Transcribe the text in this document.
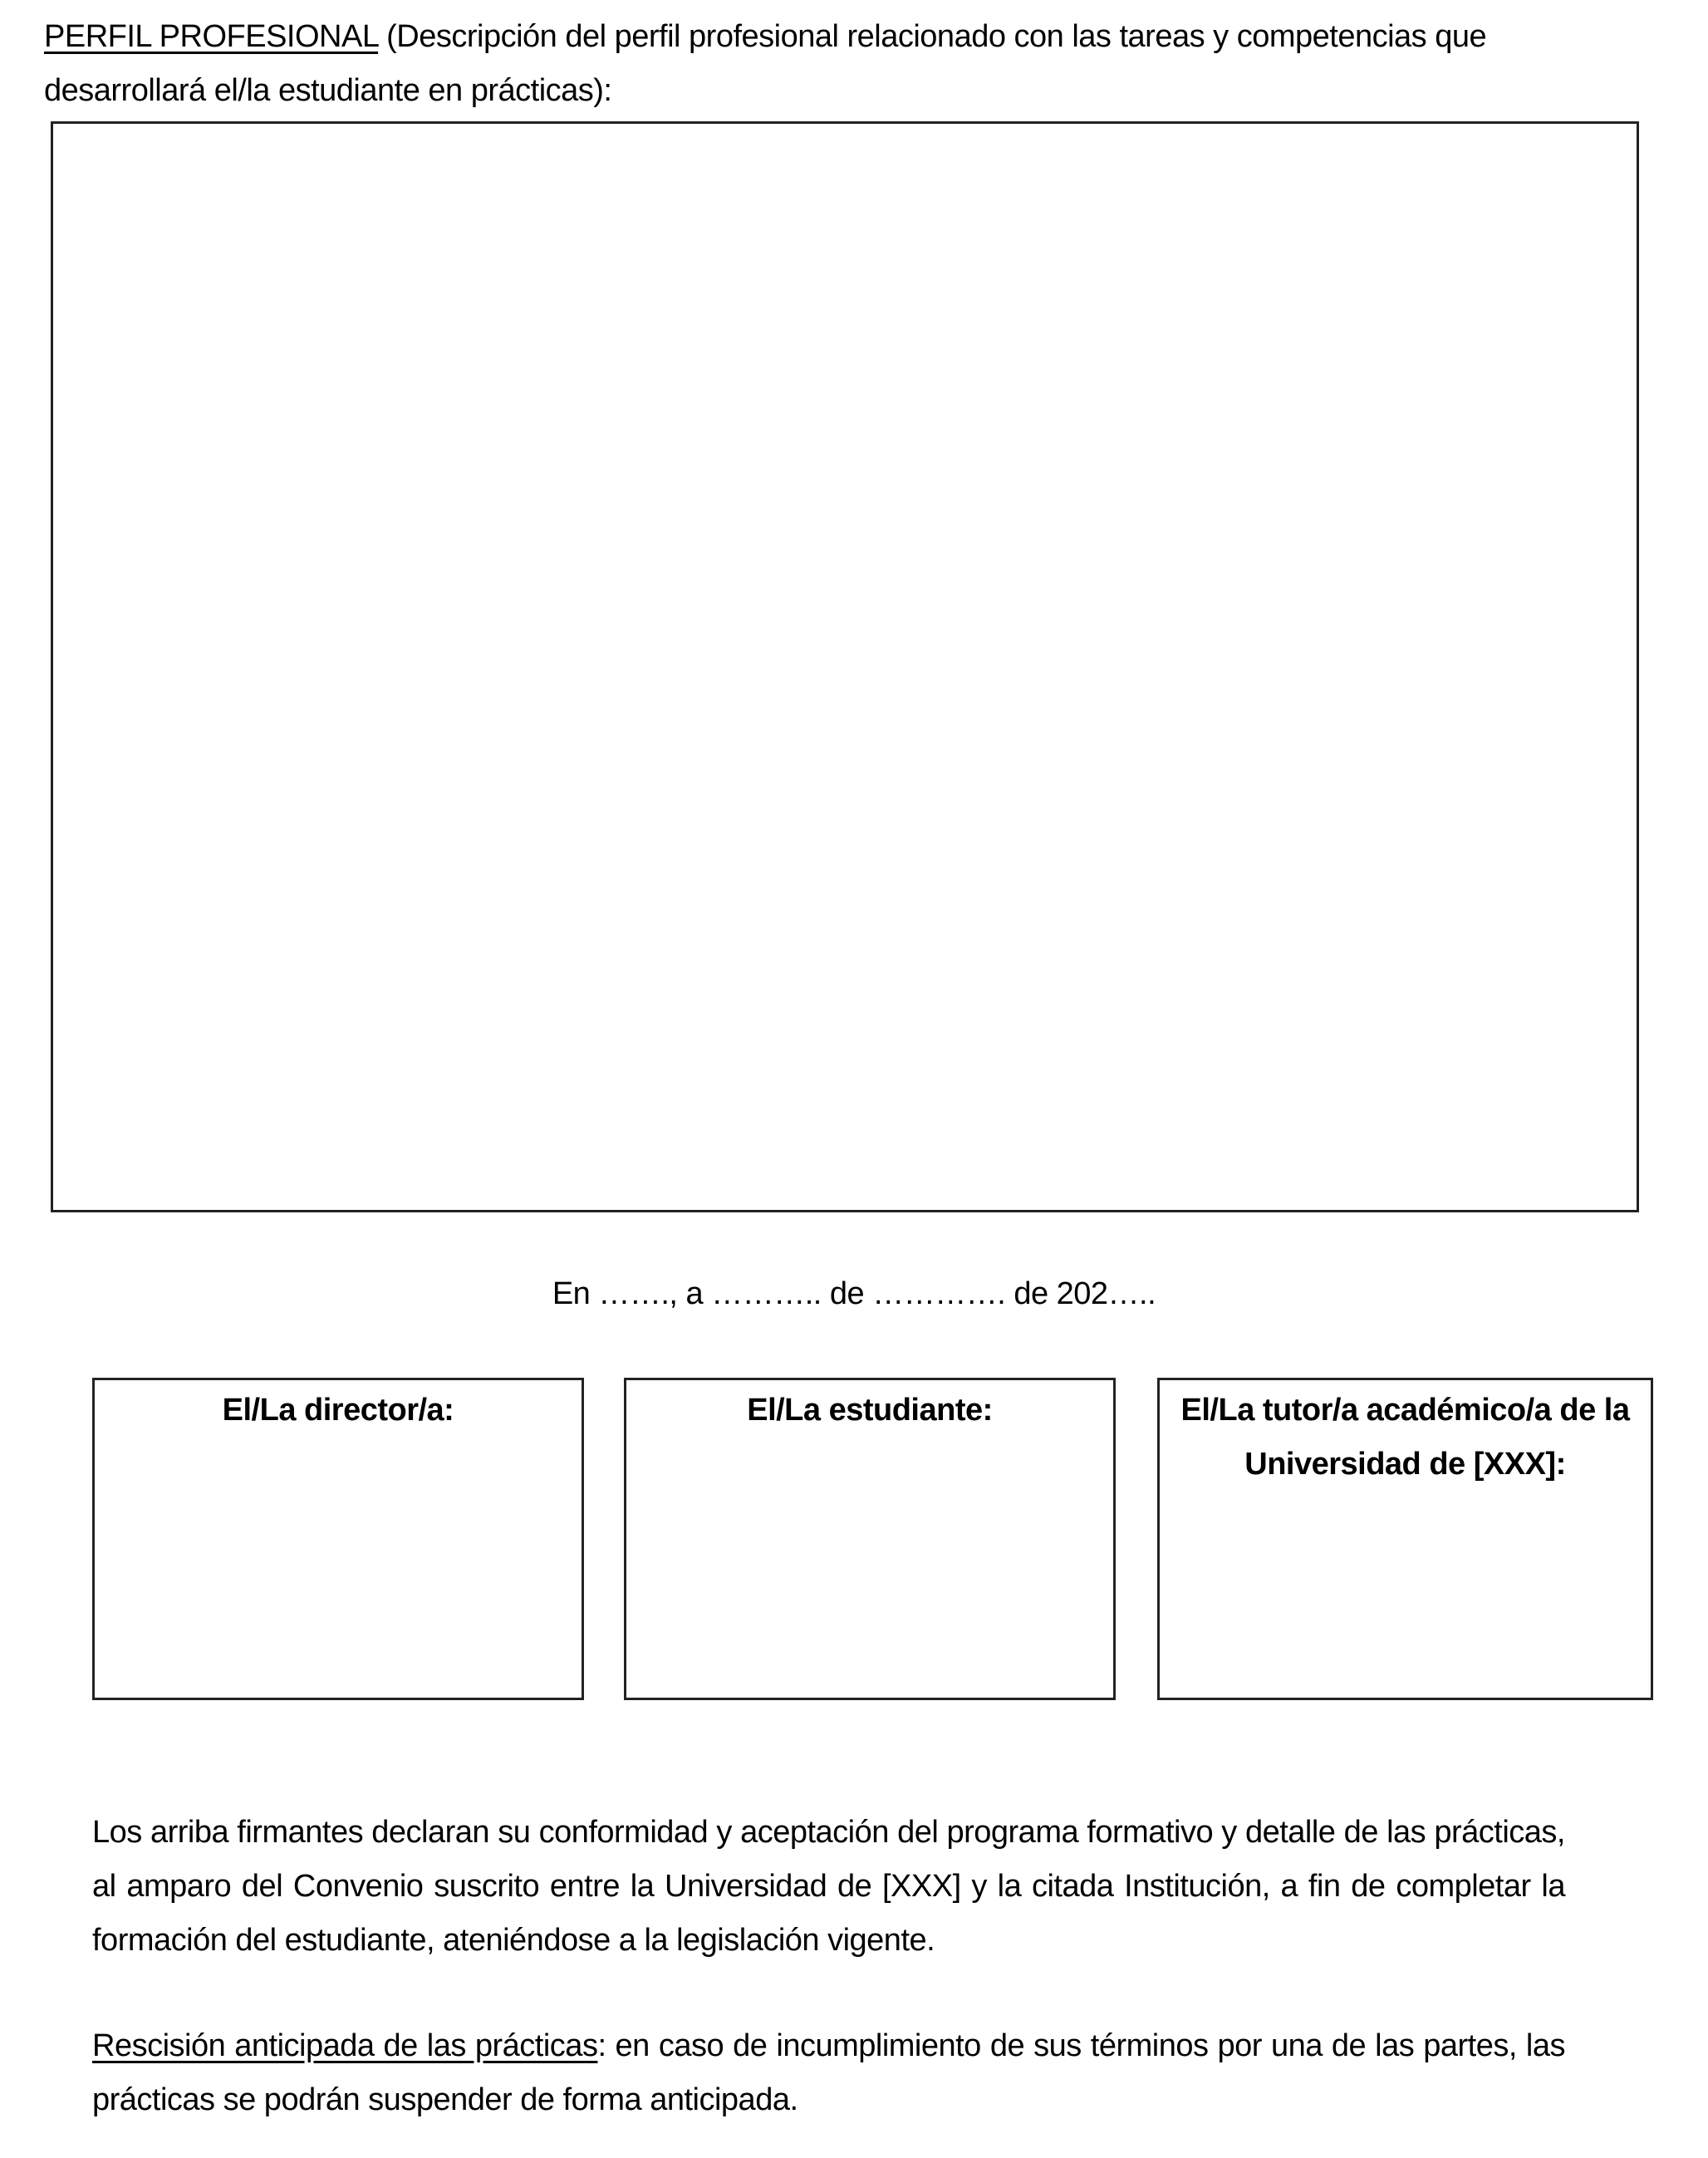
PERFIL PROFESIONAL (Descripción del perfil profesional relacionado con las tareas y competencias que desarrollará el/la estudiante en prácticas):
En ……., a ……….. de …………. de 202…..
El/La director/a:	El/La estudiante:	El/La tutor/a académico/a de la Universidad de [XXX]:
Los arriba firmantes declaran su conformidad y aceptación del programa formativo y detalle de las prácticas, al amparo del Convenio suscrito entre la Universidad de [XXX] y la citada Institución, a fin de completar la formación del estudiante, ateniéndose a la legislación vigente.
Rescisión anticipada de las prácticas: en caso de incumplimiento de sus términos por una de las partes, las prácticas se podrán suspender de forma anticipada.
